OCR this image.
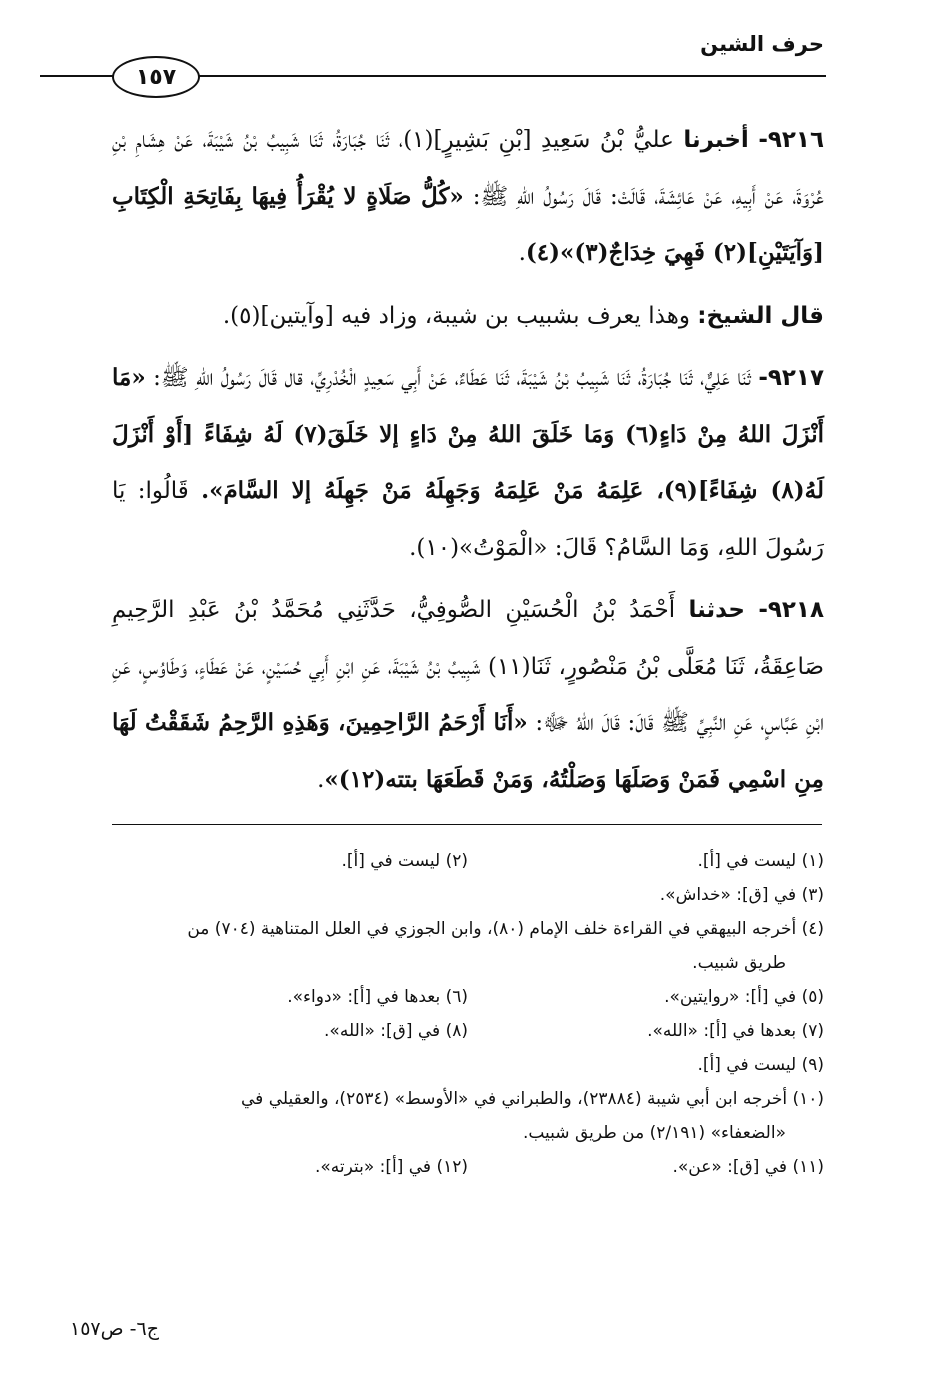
حرف الشين
١٥٧

٩٢١٦- أخبرنا عليُّ بْنُ سَعِيدِ [بْنِ بَشِيرٍ](١)، ثَنَا جُبَارَةُ، ثَنَا شَبِيبُ بْنُ شَيْبَةَ، عَنْ هِشَامِ بْنِ عُرْوَةَ، عَنْ أَبِيهِ، عَنْ عَائِشَةَ، قَالَتْ: قَالَ رَسُولُ اللهِ ﷺ: «كُلُّ صَلَاةٍ لا يُقْرَأُ فِيهَا بِفَاتِحَةِ الْكِتَابِ [وَآيَتَيْنِ](٢) فَهِيَ خِدَاجٌ(٣)»(٤).

قال الشيخ: وهذا يعرف بشبيب بن شيبة، وزاد فيه [وآيتين](٥).

٩٢١٧- ثَنَا عَلِيٌّ، ثَنَا جُبَارَةُ، ثَنَا شَبِيبُ بْنُ شَيْبَةَ، ثَنَا عَطَاءٌ، عَنْ أَبِي سَعِيدٍ الْخُدْرِيِّ، قال قَالَ رَسُولُ اللهِ ﷺ: «مَا أَنْزَلَ اللهُ مِنْ دَاءٍ(٦) وَمَا خَلَقَ اللهُ مِنْ دَاءٍ إلا خَلَقَ(٧) لَهُ شِفَاءً [أَوْ أَنْزَلَ لَهُ(٨) شِفَاءً](٩)، عَلِمَهُ مَنْ عَلِمَهُ وَجَهِلَهُ مَنْ جَهِلَهُ إلا السَّامَ». قَالُوا: يَا رَسُولَ اللهِ، وَمَا السَّامُ؟ قَالَ: «الْمَوْتُ»(١٠).

٩٢١٨- حدثنا أَحْمَدُ بْنُ الْحُسَيْنِ الصُّوفِيُّ، حَدَّثَنِي مُحَمَّدُ بْنُ عَبْدِ الرَّحِيمِ صَاعِقَةُ، ثَنَا مُعَلَّى بْنُ مَنْصُورٍ، ثَنَا(١١) شَبِيبُ بْنُ شَيْبَةَ، عَنِ ابْنِ أَبِي حُسَيْنٍ، عَنْ عَطَاءٍ، وَطَاوُسٍ، عَنِ ابْنِ عَبَّاسٍ، عَنِ النَّبِيِّ ﷺ قَالَ: قَالَ اللهُ ﷻ: «أَنَا أَرْحَمُ الرَّاحِمِينَ، وَهَذِهِ الرَّحِمُ شَقَقْتُ لَهَا مِنِ اسْمِي فَمَنْ وَصَلَهَا وَصَلْتُهُ، وَمَنْ قَطَعَهَا بتته(١٢)».

(١) ليست في [أ].
(٢) ليست في [أ].
(٣) في [ق]: «خداش».
(٤) أخرجه البيهقي في القراءة خلف الإمام (٨٠)، وابن الجوزي في العلل المتناهية (٧٠٤) من
طريق شبيب.
(٥) في [أ]: «روايتين».
(٦) بعدها في [أ]: «دواء».
(٧) بعدها في [أ]: «الله».
(٨) في [ق]: «الله».
(٩) ليست في [أ].
(١٠) أخرجه ابن أبي شيبة (٢٣٨٨٤)، والطبراني في «الأوسط» (٢٥٣٤)، والعقيلي في
«الضعفاء» (٢/١٩١) من طريق شبيب.
(١١) في [ق]: «عن».
(١٢) في [أ]: «بترته».
ج٦- ص١٥٧
